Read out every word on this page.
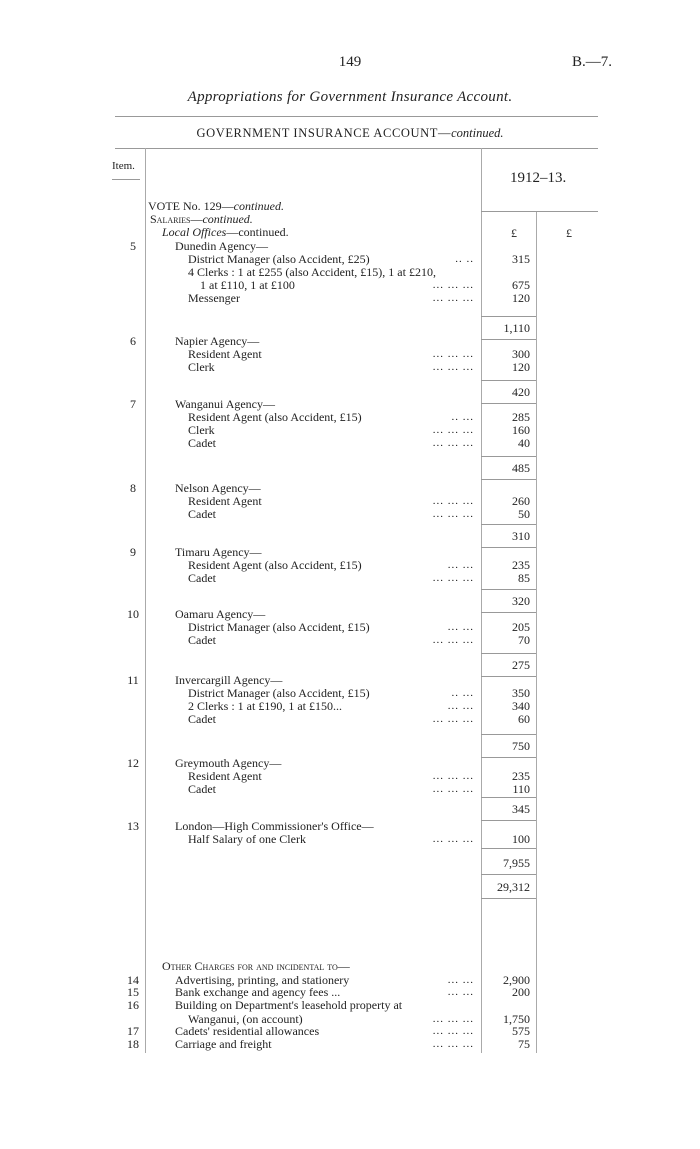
149	B.—7.
Appropriations for Government Insurance Account.
GOVERNMENT INSURANCE ACCOUNT—continued.
Item.
1912–13.
VOTE No. 129—continued.
Salaries—continued.
Local Offices—continued.	£	£
5	Dunedin Agency—
District Manager (also Accident, £25)	.. ..	315
4 Clerks : 1 at £255 (also Accident, £15), 1 at £210,
1 at £110, 1 at £100	... ... ...	675
Messenger	... ... ...	120
1,110
6	Napier Agency—
Resident Agent	... ... ...	300
Clerk	... ... ...	120
420
7	Wanganui Agency—
Resident Agent (also Accident, £15)	.. ...	285
Clerk	... ... ...	160
Cadet	... ... ...	40
485
8	Nelson Agency—
Resident Agent	... ... ...	260
Cadet	... ... ...	50
310
9	Timaru Agency—
Resident Agent (also Accident, £15)	... ...	235
Cadet	... ... ...	85
320
10	Oamaru Agency—
District Manager (also Accident, £15)	... ...	205
Cadet	... ... ...	70
275
11	Invercargill Agency—
District Manager (also Accident, £15)	.. ...	350
2 Clerks : 1 at £190, 1 at £150...	... ...	340
Cadet	... ... ...	60
750
12	Greymouth Agency—
Resident Agent	... ... ...	235
Cadet	... ... ...	110
345
13	London—High Commissioner's Office—
Half Salary of one Clerk	... ... ...	100
7,955
29,312
Other Charges for and incidental to—
14	Advertising, printing, and stationery	... ...	2,900
15	Bank exchange and agency fees ...	... ...	200
16	Building on Department's leasehold property at
Wanganui, (on account)	... ... ...	1,750
17	Cadets' residential allowances	... ... ...	575
18	Carriage and freight	... ... ...	75
